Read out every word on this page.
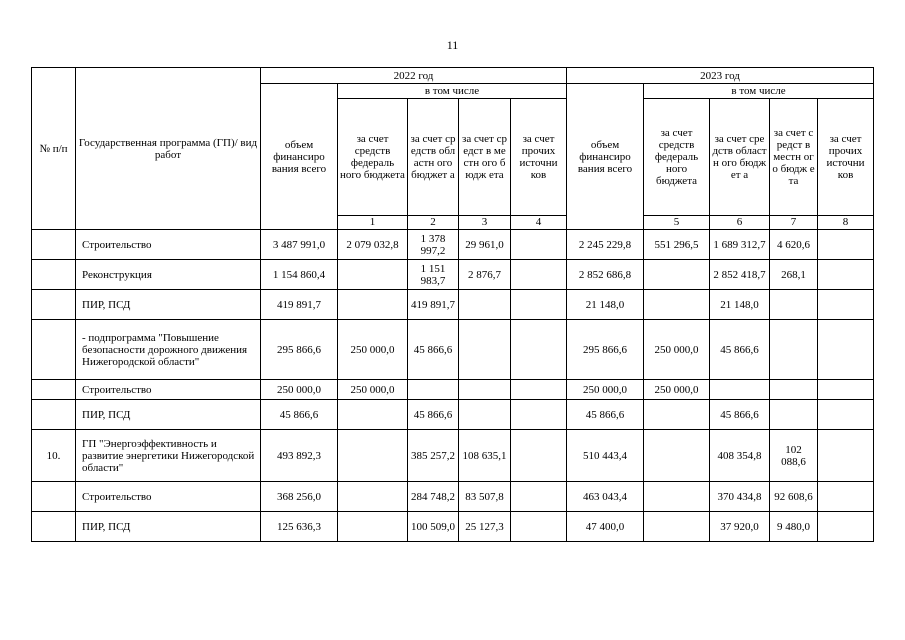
11
№ п/п	Государственная программа (ГП)/ вид работ	2022 год					2023 год					
		объем финансиро вания всего	в том числе				объем финансиро вания всего	в том числе				
			за счет средств федераль ного бюджета	за счет средств областн ого бюджет а	за счет средст в местн ого бюдж ета	за счет прочих источни ков		за счет средств федераль ного бюджета	за счет средств областн ого бюджет а	за счет средст в местн ого бюдж ета	за счет прочих источни ков	
			1	2	3	4		5	6	7	8				
	Строительство	3 487 991,0	2 079 032,8	1 378 997,2	29 961,0		2 245 229,8	551 296,5	1 689 312,7	4 620,6		
	Реконструкция	1 154 860,4		1 151 983,7	2 876,7		2 852 686,8		2 852 418,7	268,1		
	ПИР, ПСД	419 891,7		419 891,7			21 148,0		21 148,0			
	- подпрограмма "Повышение безопасности дорожного движения Нижегородской области"	295 866,6	250 000,0	45 866,6			295 866,6	250 000,0	45 866,6			
	Строительство	250 000,0	250 000,0				250 000,0	250 000,0				
	ПИР, ПСД	45 866,6		45 866,6			45 866,6		45 866,6			
10.	ГП "Энергоэффективность и развитие энергетики Нижегородской области"	493 892,3		385 257,2	108 635,1		510 443,4		408 354,8	102 088,6		
	Строительство	368 256,0		284 748,2	83 507,8		463 043,4		370 434,8	92 608,6		
	ПИР, ПСД	125 636,3		100 509,0	25 127,3		47 400,0		37 920,0	9 480,0		
